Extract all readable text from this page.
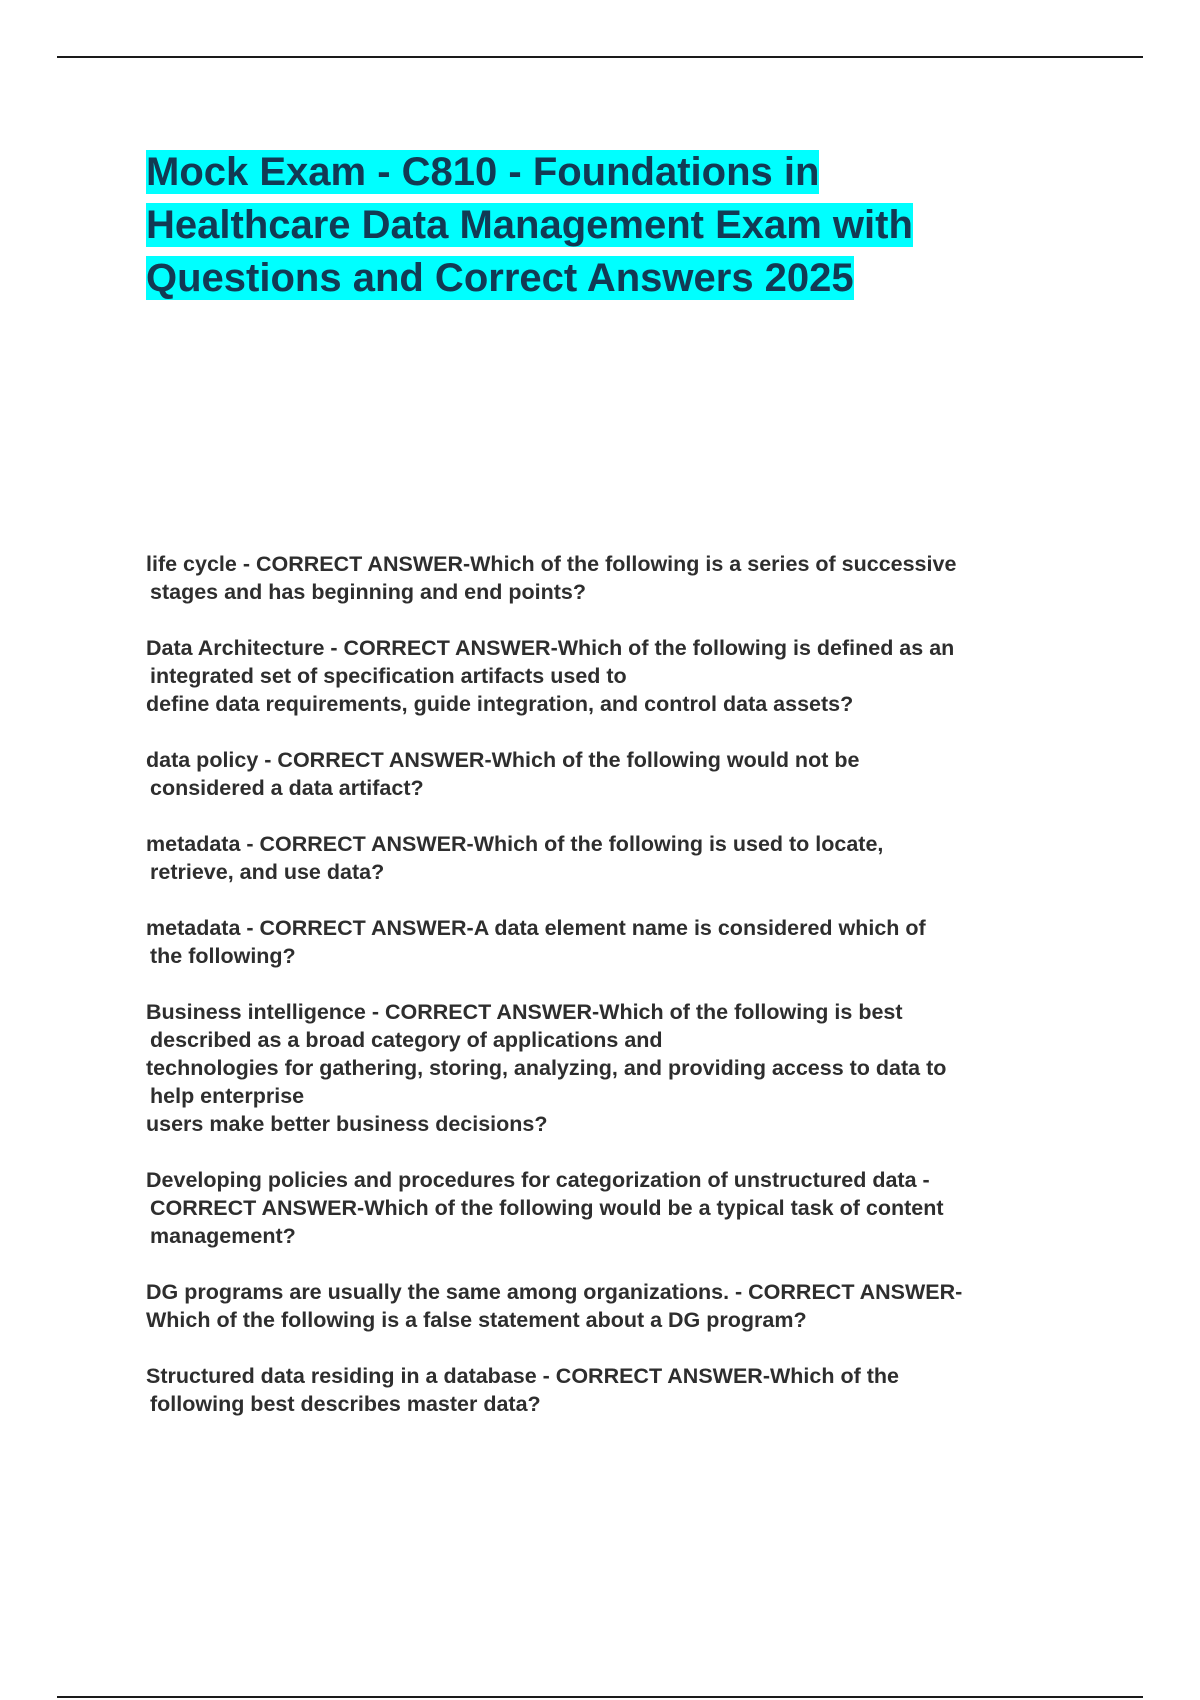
Mock Exam - C810 - Foundations in
Healthcare Data Management Exam with
Questions and Correct Answers 2025

life cycle - CORRECT ANSWER-Which of the following is a series of successive
stages and has beginning and end points?

Data Architecture - CORRECT ANSWER-Which of the following is defined as an
integrated set of specification artifacts used to
define data requirements, guide integration, and control data assets?

data policy - CORRECT ANSWER-Which of the following would not be
considered a data artifact?

metadata - CORRECT ANSWER-Which of the following is used to locate,
retrieve, and use data?

metadata - CORRECT ANSWER-A data element name is considered which of
the following?

Business intelligence - CORRECT ANSWER-Which of the following is best
described as a broad category of applications and
technologies for gathering, storing, analyzing, and providing access to data to
help enterprise
users make better business decisions?

Developing policies and procedures for categorization of unstructured data -
CORRECT ANSWER-Which of the following would be a typical task of content
management?

DG programs are usually the same among organizations. - CORRECT ANSWER-
Which of the following is a false statement about a DG program?

Structured data residing in a database - CORRECT ANSWER-Which of the
following best describes master data?
